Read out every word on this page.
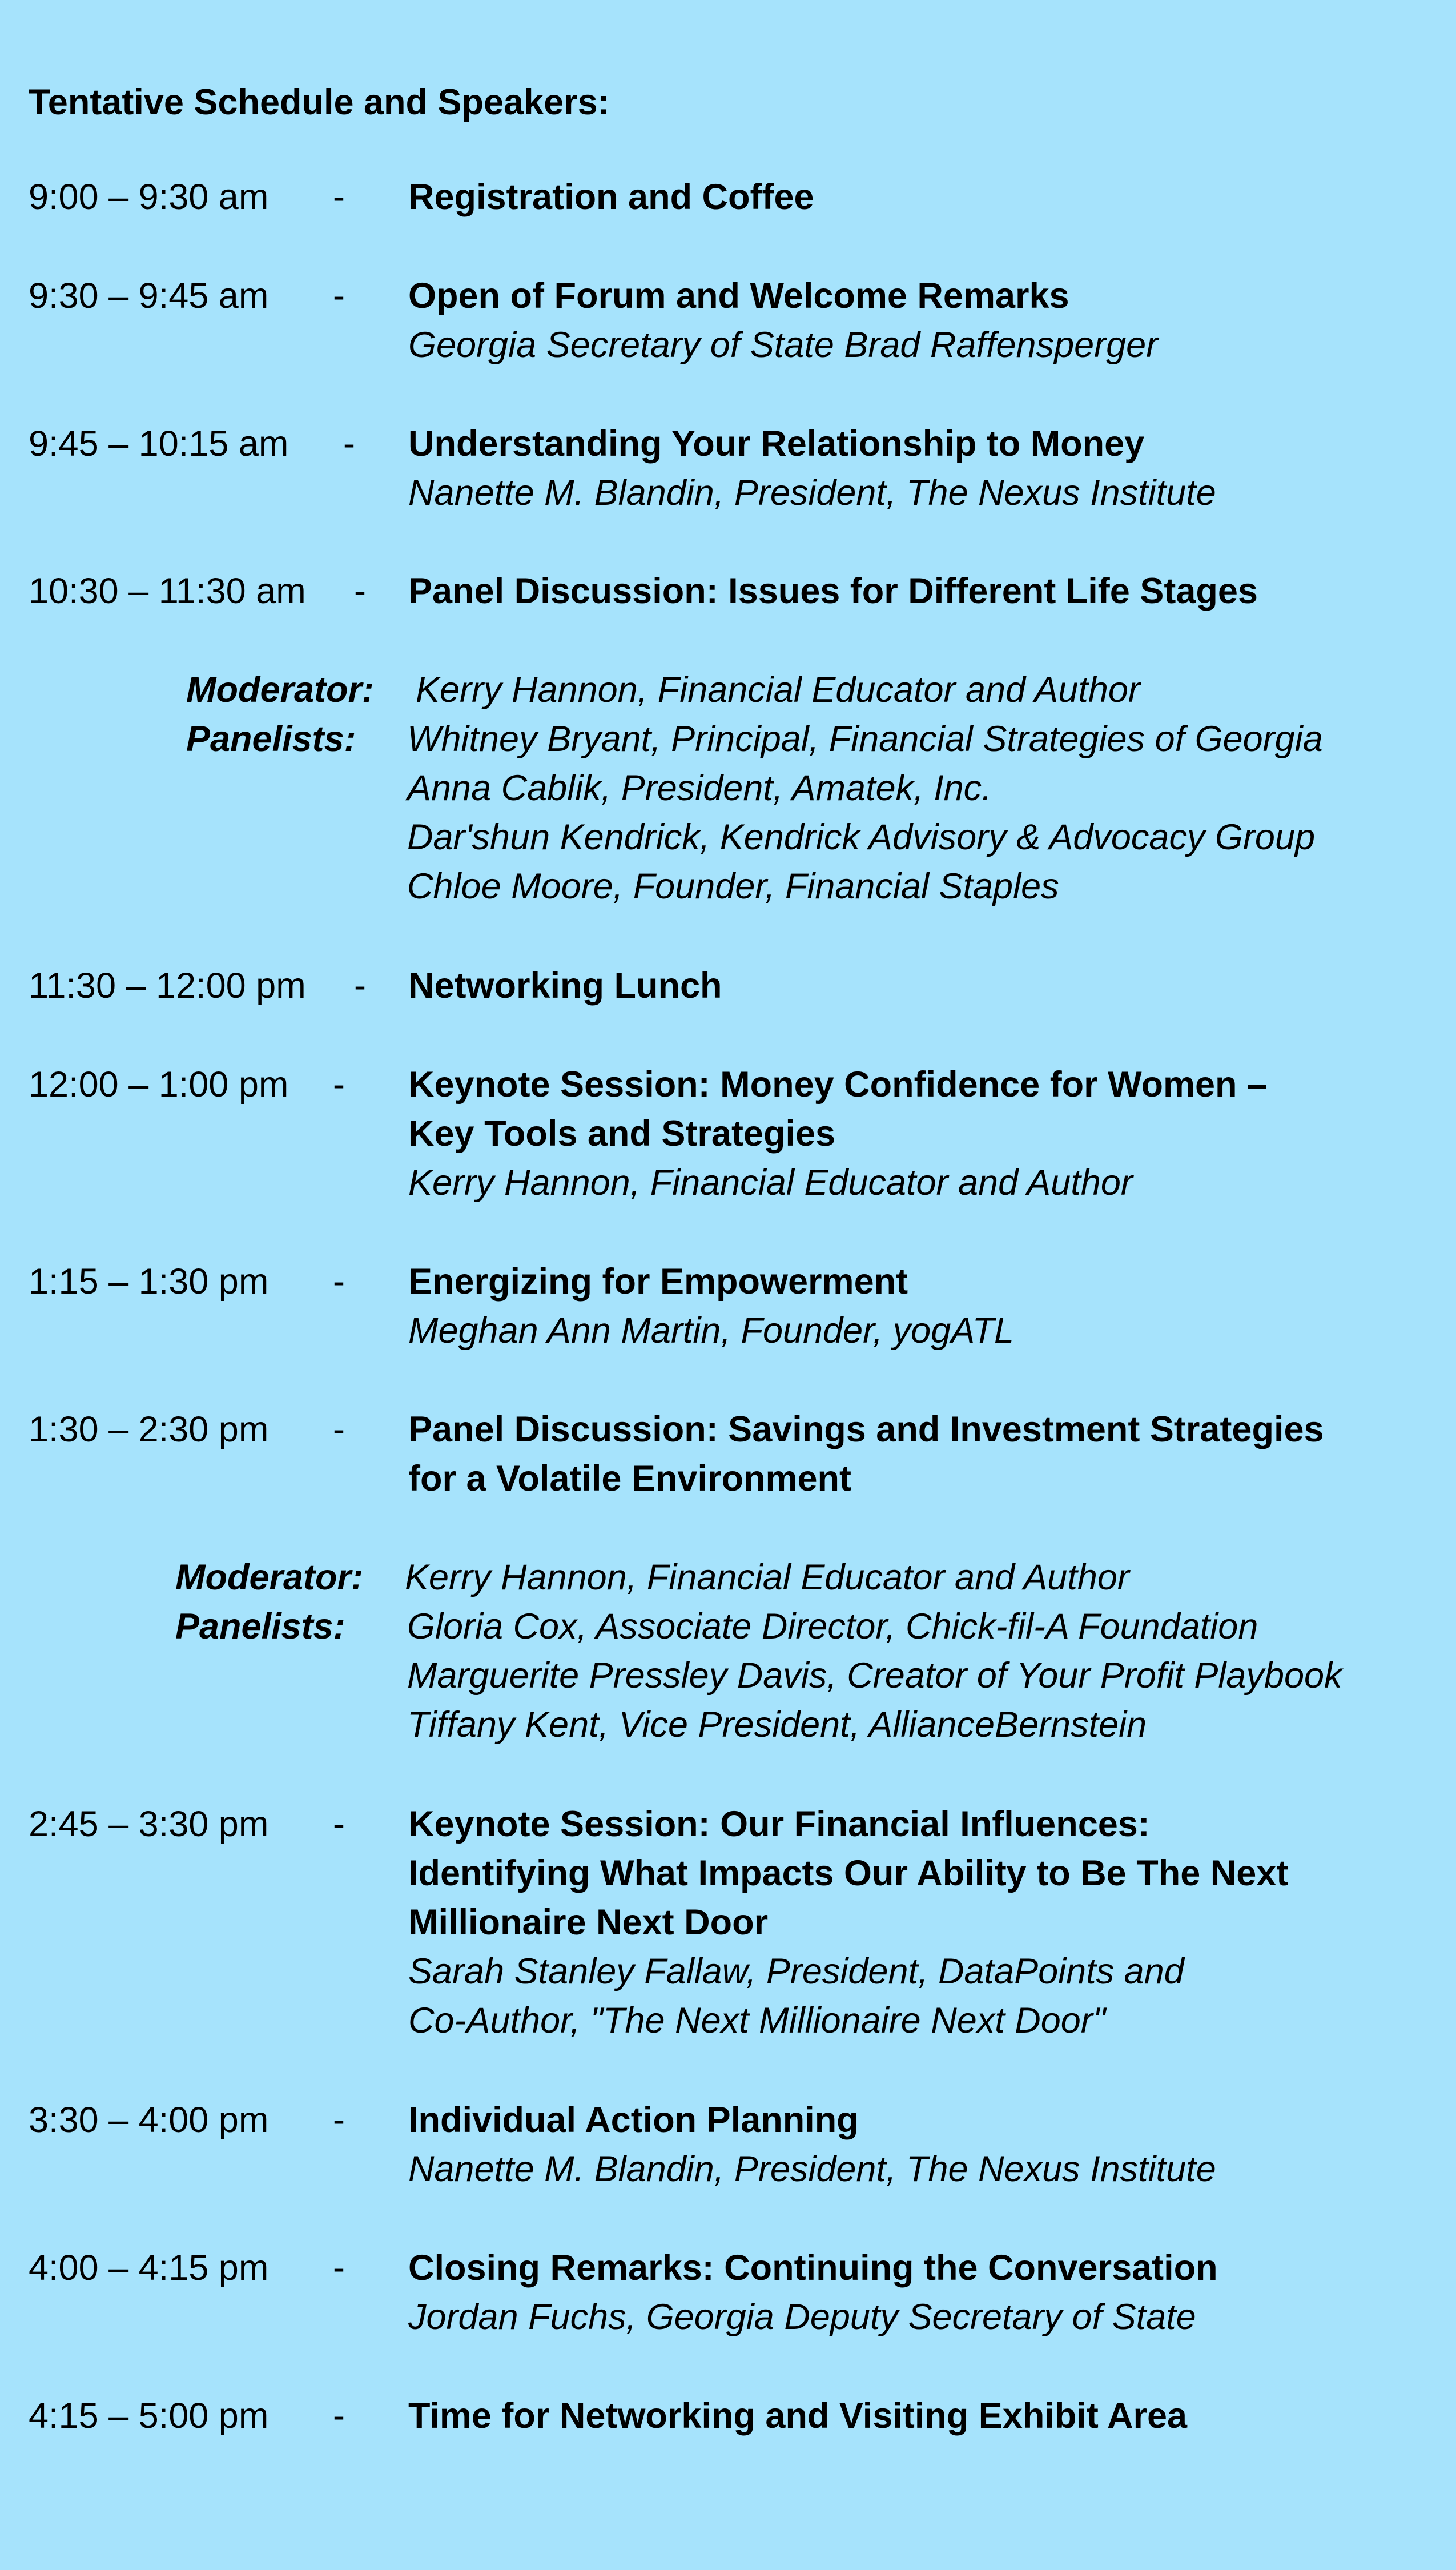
Tentative Schedule and Speakers:
9:00 – 9:30 am - Registration and Coffee
9:30 – 9:45 am - Open of Forum and Welcome Remarks
Georgia Secretary of State Brad Raffensperger
9:45 – 10:15 am - Understanding Your Relationship to Money
Nanette M. Blandin, President, The Nexus Institute
10:30 – 11:30 am - Panel Discussion: Issues for Different Life Stages
Moderator: Kerry Hannon, Financial Educator and Author
Panelists: Whitney Bryant, Principal, Financial Strategies of Georgia
Anna Cablik, President, Amatek, Inc.
Dar'shun Kendrick, Kendrick Advisory & Advocacy Group
Chloe Moore, Founder, Financial Staples
11:30 – 12:00 pm - Networking Lunch
12:00 – 1:00 pm - Keynote Session: Money Confidence for Women –
Key Tools and Strategies
Kerry Hannon, Financial Educator and Author
1:15 – 1:30 pm - Energizing for Empowerment
Meghan Ann Martin, Founder, yogATL
1:30 – 2:30 pm - Panel Discussion: Savings and Investment Strategies
for a Volatile Environment
Moderator: Kerry Hannon, Financial Educator and Author
Panelists: Gloria Cox, Associate Director, Chick-fil-A Foundation
Marguerite Pressley Davis, Creator of Your Profit Playbook
Tiffany Kent, Vice President, AllianceBernstein
2:45 – 3:30 pm - Keynote Session: Our Financial Influences:
Identifying What Impacts Our Ability to Be The Next
Millionaire Next Door
Sarah Stanley Fallaw, President, DataPoints and
Co-Author, "The Next Millionaire Next Door"
3:30 – 4:00 pm - Individual Action Planning
Nanette M. Blandin, President, The Nexus Institute
4:00 – 4:15 pm - Closing Remarks: Continuing the Conversation
Jordan Fuchs, Georgia Deputy Secretary of State
4:15 – 5:00 pm - Time for Networking and Visiting Exhibit Area
